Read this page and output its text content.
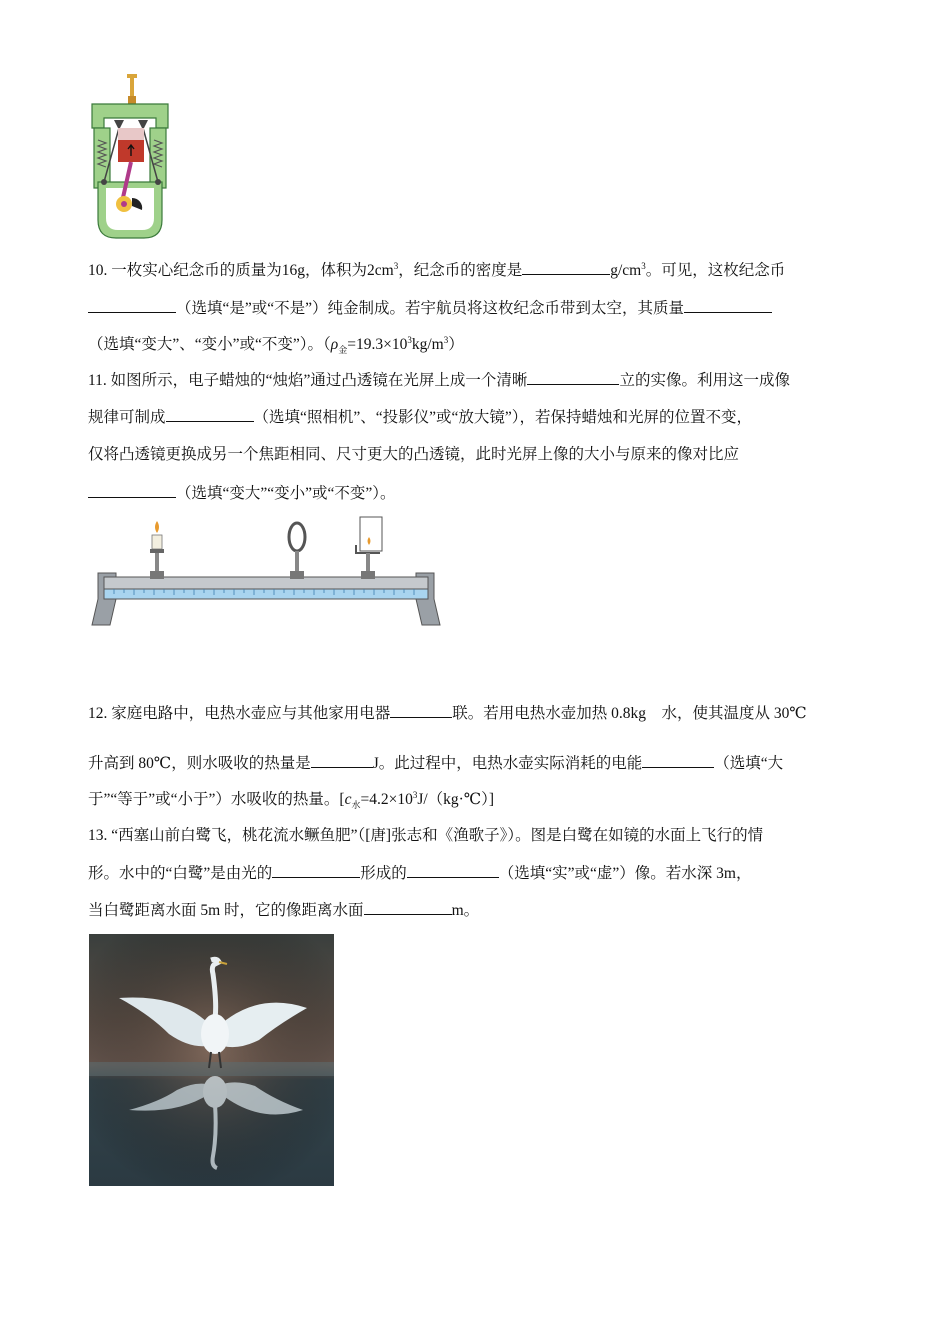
10. 一枚实心纪念币的质量为16g，体积为$2cm^3$，纪念币的密度是	$g/cm^3$。可见，这枚纪念币
（选填“是”或“不是”）纯金制成。若宇航员将这枚纪念币带到太空，其质量
（选填“变大”、“变小”或“不变”）。$(\rho_金=19.3\times 10^3kg/m^3)$
11. 如图所示，电子蜡烛的“烛焰”通过凸透镜在光屏上成一个清晰	立的实像。利用这一成像
规律可制成	（选填“照相机”、“投影仪”或“放大镜”），若保持蜡烛和光屏的位置不变，
仅将凸透镜更换成另一个焦距相同、尺寸更大的凸透镜，此时光屏上像的大小与原来的像对比应
（选填“变大”“变小”或“不变”）。
12. 家庭电路中，电热水壶应与其他家用电器	联。若用电热水壶加热 0.8kg　水，使其温度从 30℃
升高到 80℃，则水吸收的热量是	J。此过程中，电热水壶实际消耗的电能	（选填“大
于”“等于”或“小于”）水吸收的热量。$[c_水=4.2\times 10^3J/(kg\cdot℃)]$
13. “西塞山前白鹭飞，桃花流水鳜鱼肥”（[唐]张志和《渔歌子》）。图是白鹭在如镜的水面上飞行的情
形。水中的“白鹭”是由光的	形成的	（选填“实”或“虚”）像。若水深 3m，
当白鹭距离水面 5m 时，它的像距离水面	m。
